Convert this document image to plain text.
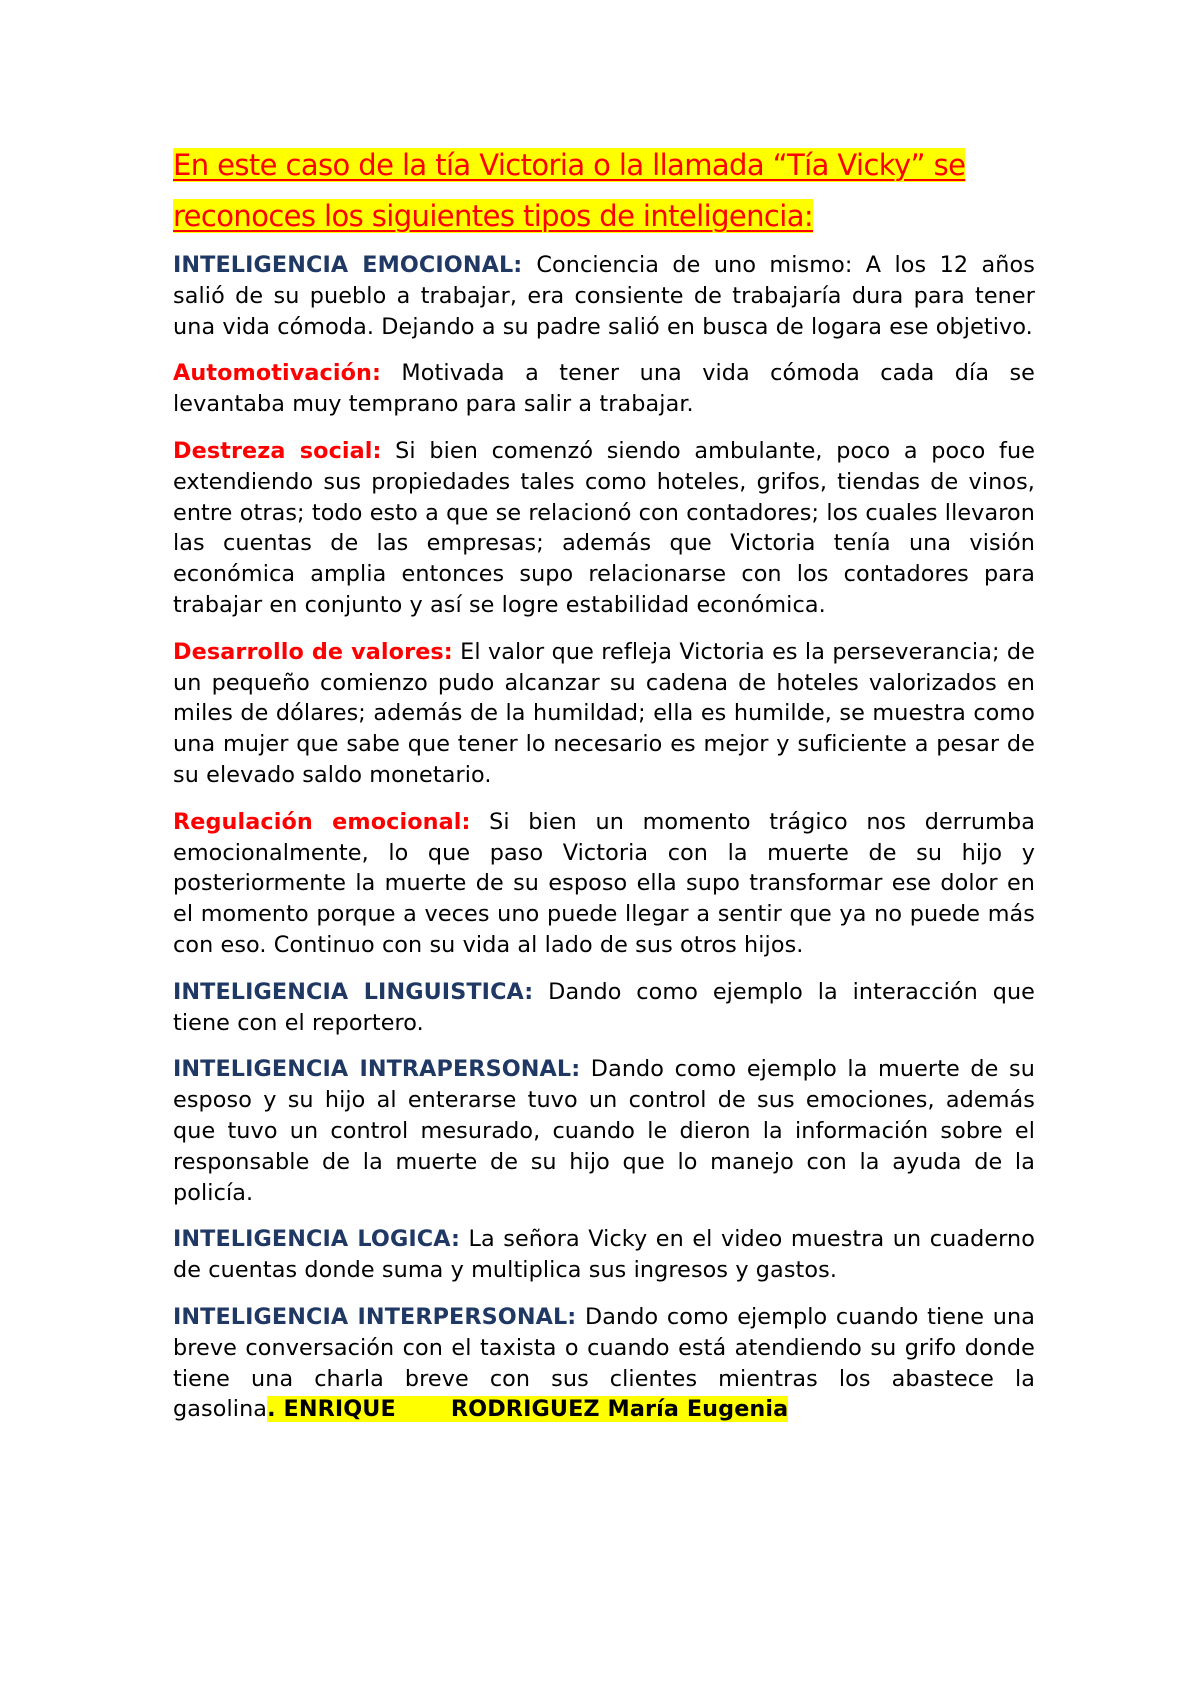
En este caso de la tía Victoria o la llamada “Tía Vicky” se
reconoces los siguientes tipos de inteligencia:

INTELIGENCIA EMOCIONAL: Conciencia de uno mismo: A los 12 años salió de su pueblo a trabajar, era consiente de trabajaría dura para tener una vida cómoda. Dejando a su padre salió en busca de logara ese objetivo.

Automotivación: Motivada a tener una vida cómoda cada día se levantaba muy temprano para salir a trabajar.

Destreza social: Si bien comenzó siendo ambulante, poco a poco fue extendiendo sus propiedades tales como hoteles, grifos, tiendas de vinos, entre otras; todo esto a que se relacionó con contadores; los cuales llevaron las cuentas de las empresas; además que Victoria tenía una visión económica amplia entonces supo relacionarse con los contadores para trabajar en conjunto y así se logre estabilidad económica.

Desarrollo de valores: El valor que refleja Victoria es la perseverancia; de un pequeño comienzo pudo alcanzar su cadena de hoteles valorizados en miles de dólares; además de la humildad; ella es humilde, se muestra como una mujer que sabe que tener lo necesario es mejor y suficiente a pesar de su elevado saldo monetario.

Regulación emocional: Si bien un momento trágico nos derrumba emocionalmente, lo que paso Victoria con la muerte de su hijo y posteriormente la muerte de su esposo ella supo transformar ese dolor en el momento porque a veces uno puede llegar a sentir que ya no puede más con eso. Continuo con su vida al lado de sus otros hijos.

INTELIGENCIA LINGUISTICA: Dando como ejemplo la interacción que tiene con el reportero.

INTELIGENCIA INTRAPERSONAL: Dando como ejemplo la muerte de su esposo y su hijo al enterarse tuvo un control de sus emociones, además que tuvo un control mesurado, cuando le dieron la información sobre el responsable de la muerte de su hijo que lo manejo con la ayuda de la policía.

INTELIGENCIA LOGICA: La señora Vicky en el video muestra un cuaderno de cuentas donde suma y multiplica sus ingresos y gastos.

INTELIGENCIA INTERPERSONAL: Dando como ejemplo cuando tiene una breve conversación con el taxista o cuando está atendiendo su grifo donde tiene una charla breve con sus clientes mientras los abastece la gasolina. ENRIQUE       RODRIGUEZ María Eugenia
